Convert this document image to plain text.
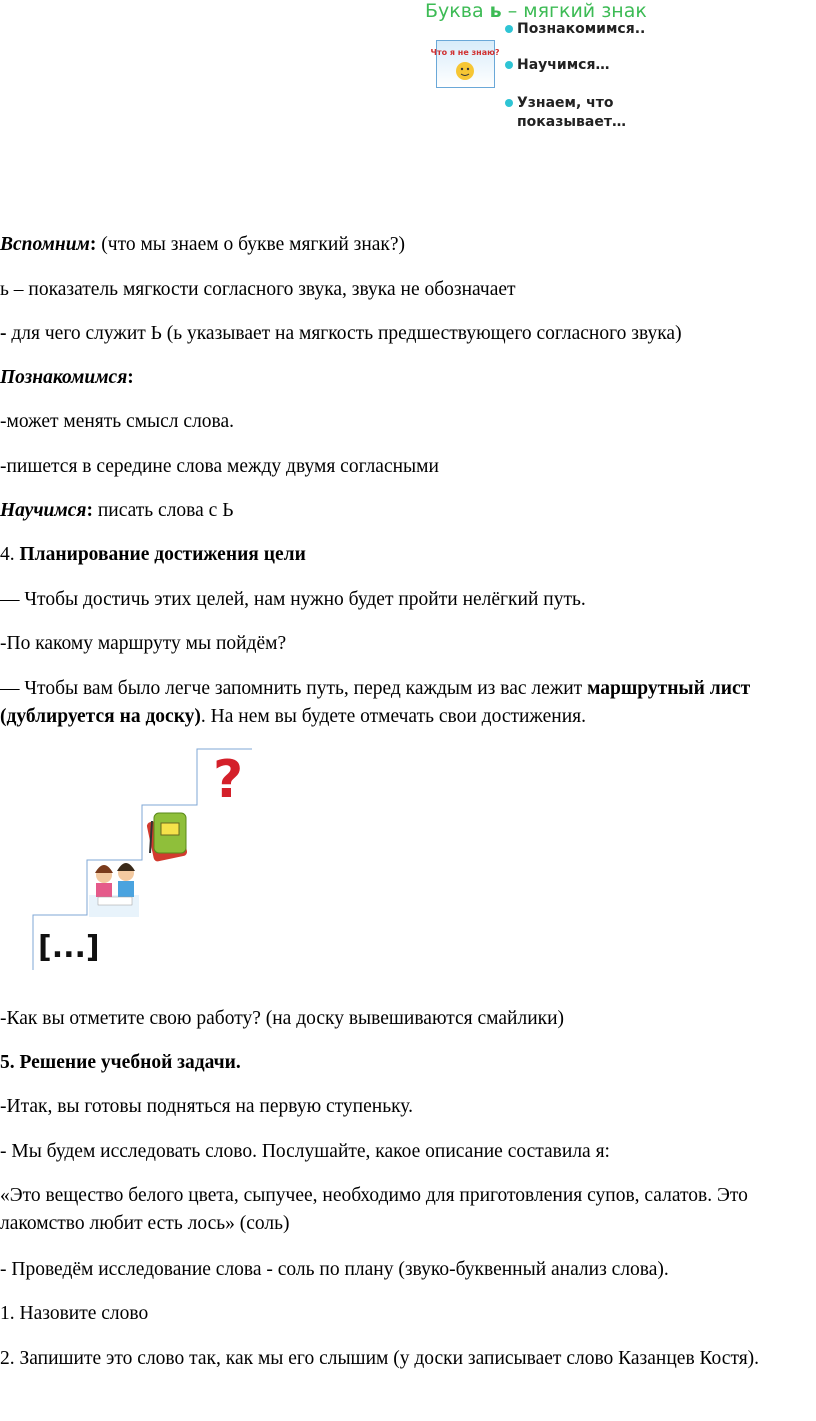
Буква ь – мягкий знак
Что я не знаю?
Познакомимся..
Научимся…
Узнаем, что показывает…
Вспомним: (что мы знаем о букве мягкий знак?)
ь – показатель мягкости согласного звука, звука не обозначает
- для чего служит Ь (ь указывает на мягкость предшествующего согласного звука)
Познакомимся:
-может менять смысл слова.
-пишется в середине слова между двумя согласными
Научимся: писать слова с Ь
4. Планирование достижения цели
— Чтобы достичь этих целей, нам нужно будет пройти нелёгкий путь.
-По какому маршруту мы пойдём?
— Чтобы вам было легче запомнить путь, перед каждым из вас лежит маршрутный лист (дублируется на доску). На нем вы будете отмечать свои достижения.
[...]
?
-Как вы отметите свою работу? (на доску вывешиваются смайлики)
5. Решение учебной задачи.
-Итак, вы готовы подняться на первую ступеньку.
- Мы будем исследовать слово. Послушайте, какое описание составила я:
«Это вещество белого цвета, сыпучее, необходимо для приготовления супов, салатов. Это лакомство любит есть лось» (соль)
- Проведём исследование слова - соль по плану (звуко-буквенный анализ слова).
1. Назовите слово
2. Запишите это слово так, как мы его слышим (у доски записывает слово Казанцев Костя).
